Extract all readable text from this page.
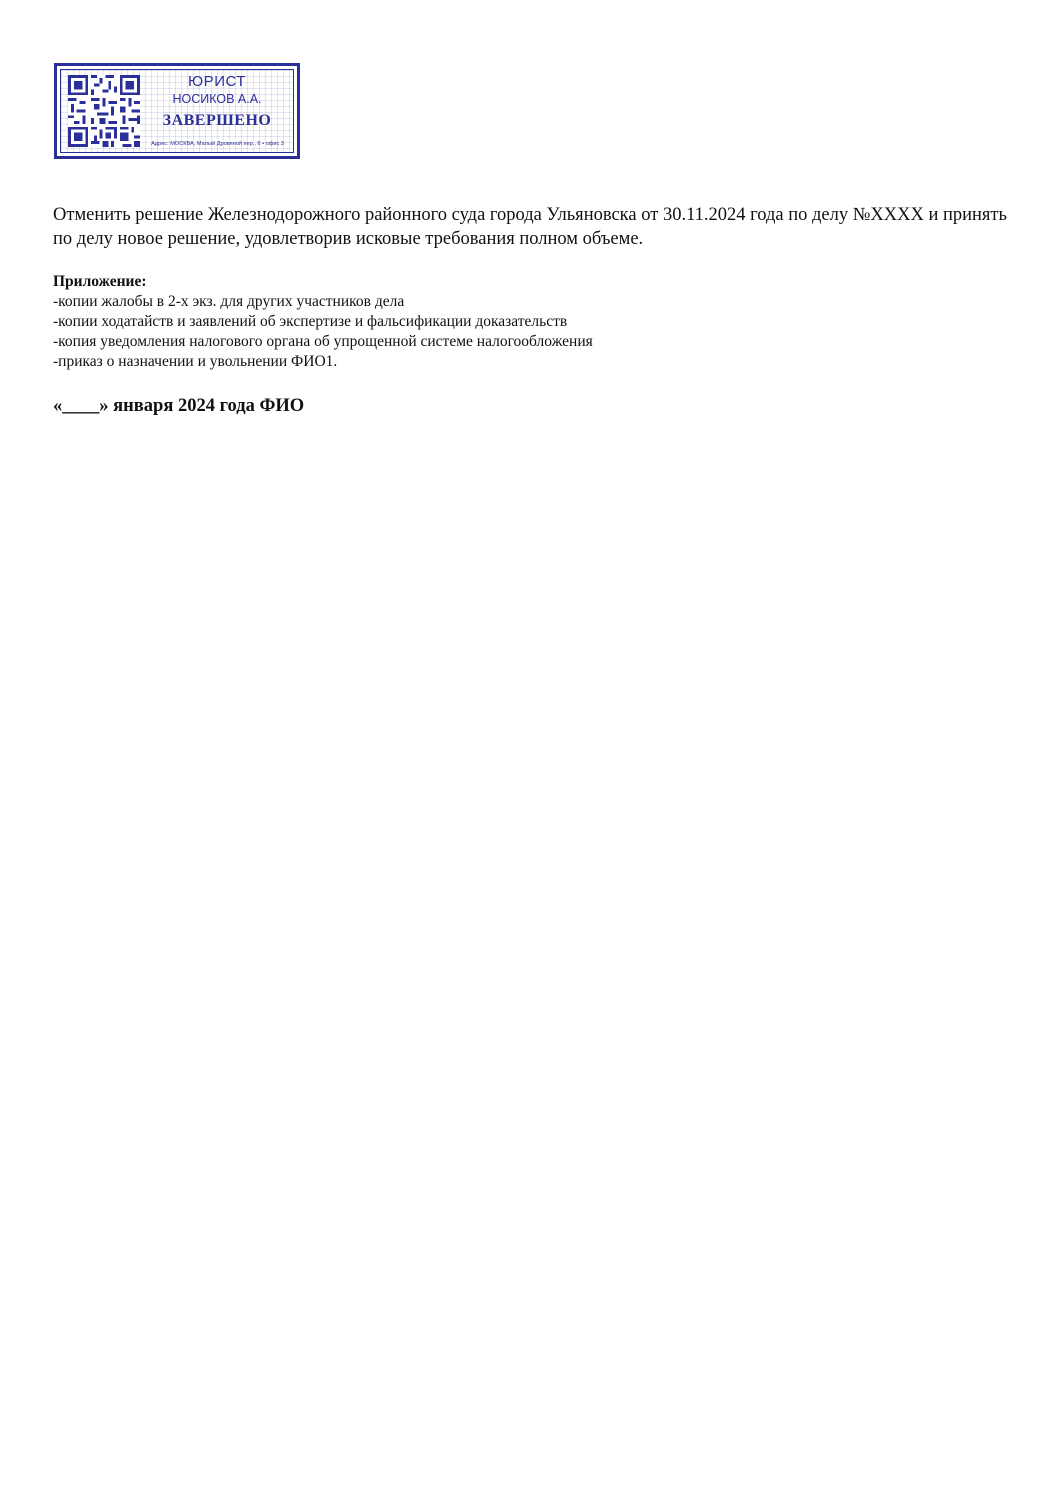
ЮРИСТ
НОСИКОВ А.А.
ЗАВЕРШЕНО
Адрес: МОСКВА, Малый Дровяной пер., 6 • офис 3

Отменить решение Железнодорожного районного суда города Ульяновска от 30.11.2024 года по делу №XXXX и принять по делу новое решение, удовлетворив исковые требования полном объеме.

Приложение:
-копии жалобы в 2-х экз. для других участников дела
-копии ходатайств и заявлений об экспертизе и фальсификации доказательств
-копия уведомления налогового органа об упрощенной системе налогообложения
-приказ о назначении и увольнении ФИО1.
«____» января 2024 года ФИО
